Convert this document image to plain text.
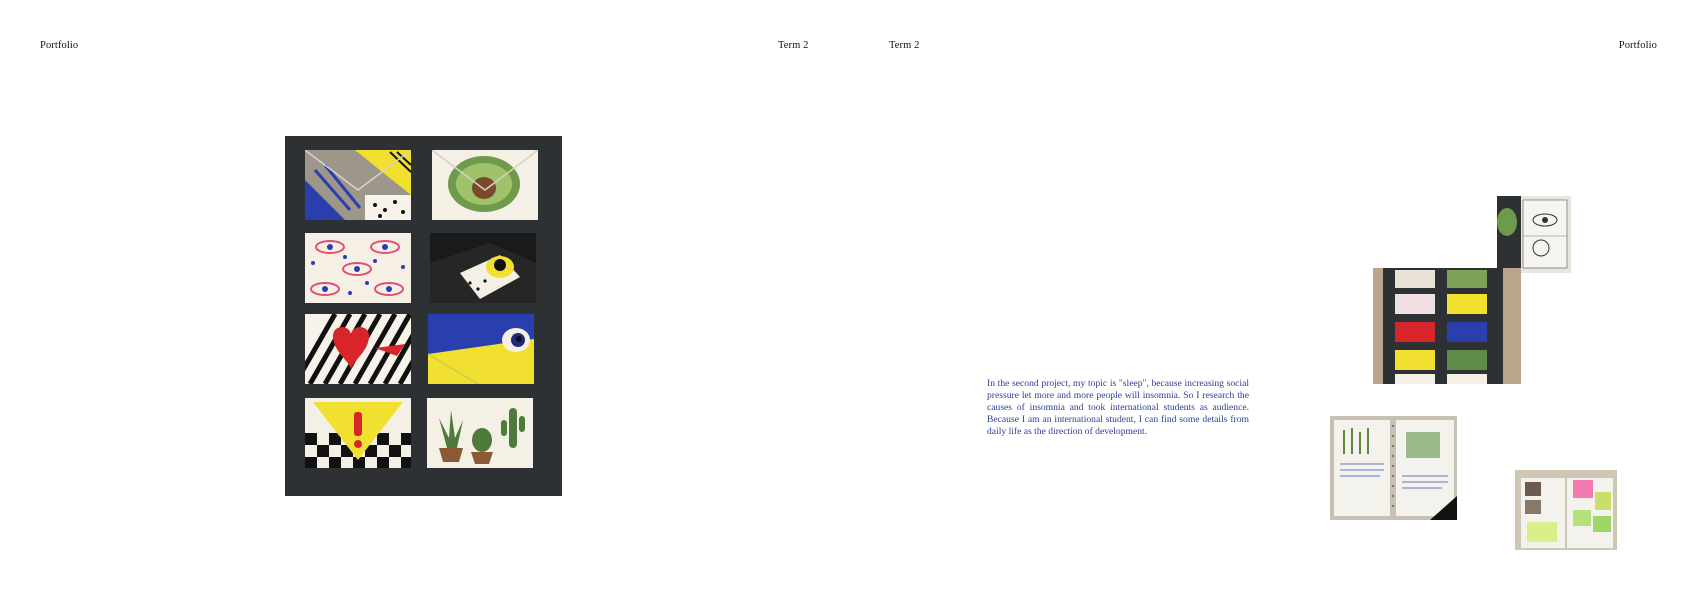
Portfolio	Term 2	Term 2	Portfolio
In the second project, my topic is "sleep", because increasing social pressure let more and more people will insomnia. So I research the causes of insomnia and took international students as audience. Because I am an international student, I can find some details from daily life as the direction of development.
